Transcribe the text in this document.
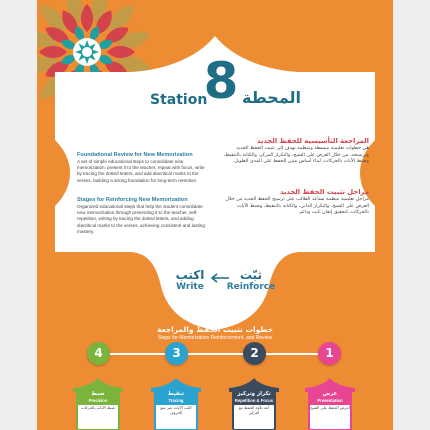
8
Station المحطة
Foundational Review for New Memorization
A set of simple educational steps to consolidate new memorization: present it to the teacher, repeat with focus, write by tracing the dotted letters, and add diacritical marks to the verses, building a strong foundation for long-term retention.
Stages for Reinforcing New Memorization
Organized educational steps that help the student consolidate new memorization through presenting it to the teacher, self-repetition, writing by tracing the dotted letters, and adding diacritical marks to the verses, achieving consistent and lasting mastery.
المراجعة التأسيسية للحفظ الجديد
هي خطوات تعليمية مبسطة ومنظمة تهدف إلى تثبيت الحفظ الجديد وترسيخه، من خلال العرض على الشيخ، والتكرار المركز، والكتابة بالتنقيط، وضبط الآيات بالحركات، لبناء أساس متين للحفظ على المدى الطويل.
مراحل تثبيت الحفظ الجديد
مراحل تعليمية منظمة تساعد الطالب على ترسيخ الحفظ الجديد من خلال العرض على الشيخ، والتكرار الذاتي، والكتابة بالتنقيط، وضبط الآيات بالحركات، لتحقيق إتقان ثابت ودائم.
اكتب
Write
ثبّت
Reinforce
خطوات تثبيت الحفظ والمراجعة
Steps for Memorization Reinforcement, and Review
4	3	2	1
ضبط
Precision
ضبط الآيات بالحركات
تنقيط
Tracing
اكتب الآيات عبر تتبع الحروف
تكرار وتركيز
Repetition & Focus
أعد تلاوة الحفظ مع التركيز
عرض
Presentation
اعرض الحفظ على الشيخ
